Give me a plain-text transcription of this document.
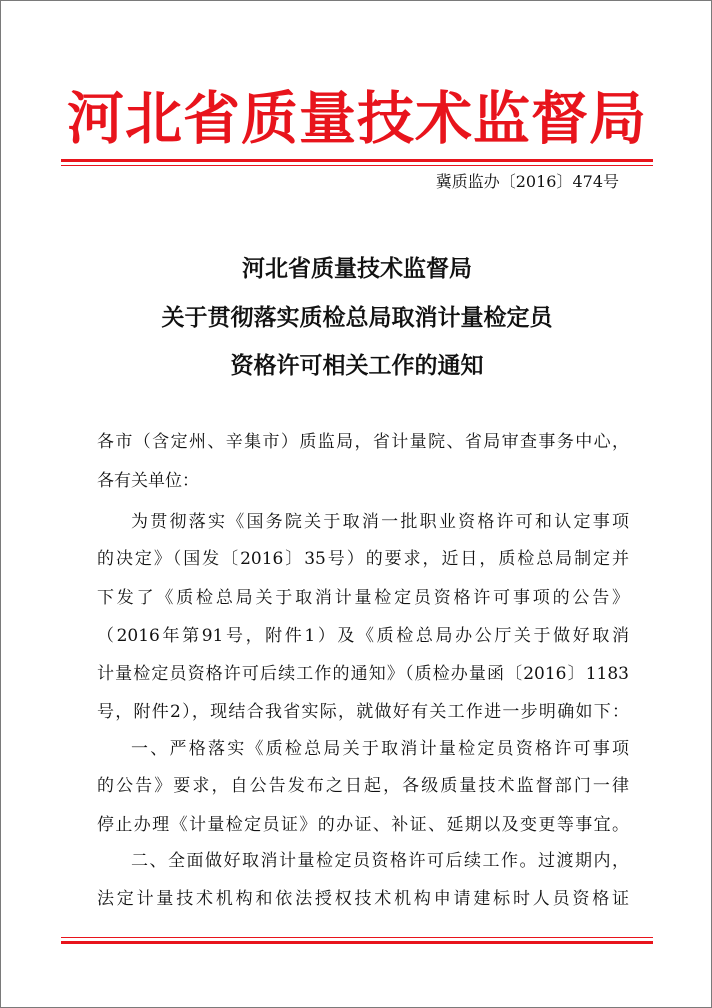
河北省质量技术监督局
冀质监办〔2016〕474号
河北省质量技术监督局
关于贯彻落实质检总局取消计量检定员
资格许可相关工作的通知
各市（含定州、辛集市）质监局，省计量院、省局审查事务中心，
各有关单位：
为贯彻落实《国务院关于取消一批职业资格许可和认定事项
的决定》（国发〔2016〕35号）的要求，近日，质检总局制定并
下发了《质检总局关于取消计量检定员资格许可事项的公告》
（2016年第91号，附件1）及《质检总局办公厅关于做好取消
计量检定员资格许可后续工作的通知》（质检办量函〔2016〕1183
号，附件2），现结合我省实际，就做好有关工作进一步明确如下：
一、严格落实《质检总局关于取消计量检定员资格许可事项
的公告》要求，自公告发布之日起，各级质量技术监督部门一律
停止办理《计量检定员证》的办证、补证、延期以及变更等事宜。
二、全面做好取消计量检定员资格许可后续工作。过渡期内，
法定计量技术机构和依法授权技术机构申请建标时人员资格证
